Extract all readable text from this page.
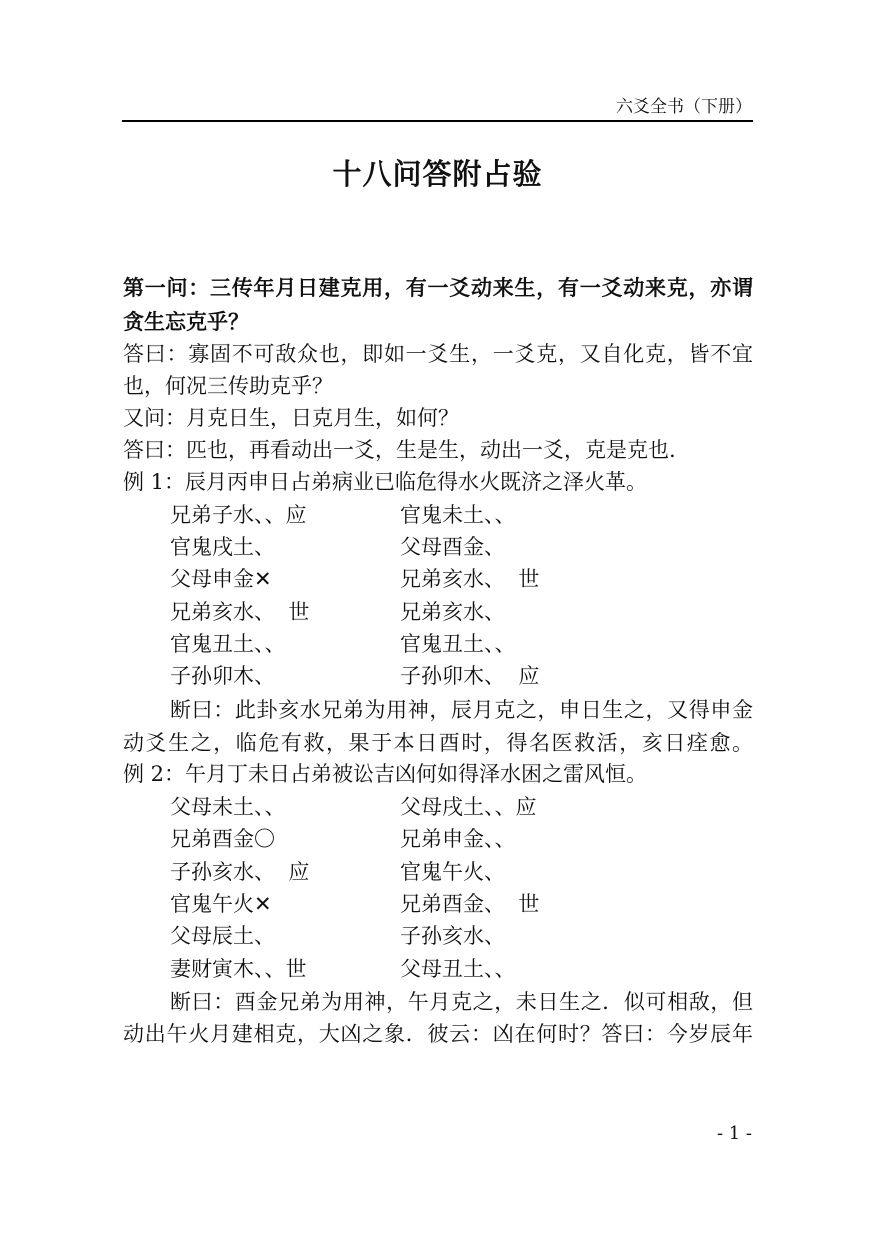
六爻全书（下册）
十八问答附占验
第一问：三传年月日建克用，有一爻动来生，有一爻动来克，亦谓
贪生忘克乎？
答曰：寡固不可敌众也，即如一爻生，一爻克，又自化克，皆不宜
也，何况三传助克乎？
又问：月克日生，日克月生，如何？
答曰：匹也，再看动出一爻，生是生，动出一爻，克是克也.
例 1：辰月丙申日占弟病业已临危得水火既济之泽火革。
兄弟子水、、应	官鬼未土、、
官鬼戌土、	父母酉金、
父母申金✕	兄弟亥水、  世
兄弟亥水、  世	兄弟亥水、
官鬼丑土、、	官鬼丑土、、
子孙卯木、	子孙卯木、  应
断曰：此卦亥水兄弟为用神，辰月克之，申日生之，又得申金
动爻生之，临危有救，果于本日酉时，得名医救活，亥日痊愈。
例 2：午月丁未日占弟被讼吉凶何如得泽水困之雷风恒。
父母未土、、	父母戌土、、应
兄弟酉金〇	兄弟申金、、
子孙亥水、  应	官鬼午火、
官鬼午火✕	兄弟酉金、  世
父母辰土、	子孙亥水、
妻财寅木、、世	父母丑土、、
断曰：酉金兄弟为用神，午月克之，未日生之．似可相敌，但
动出午火月建相克，大凶之象．彼云：凶在何时？答曰：今岁辰年
- 1 -
